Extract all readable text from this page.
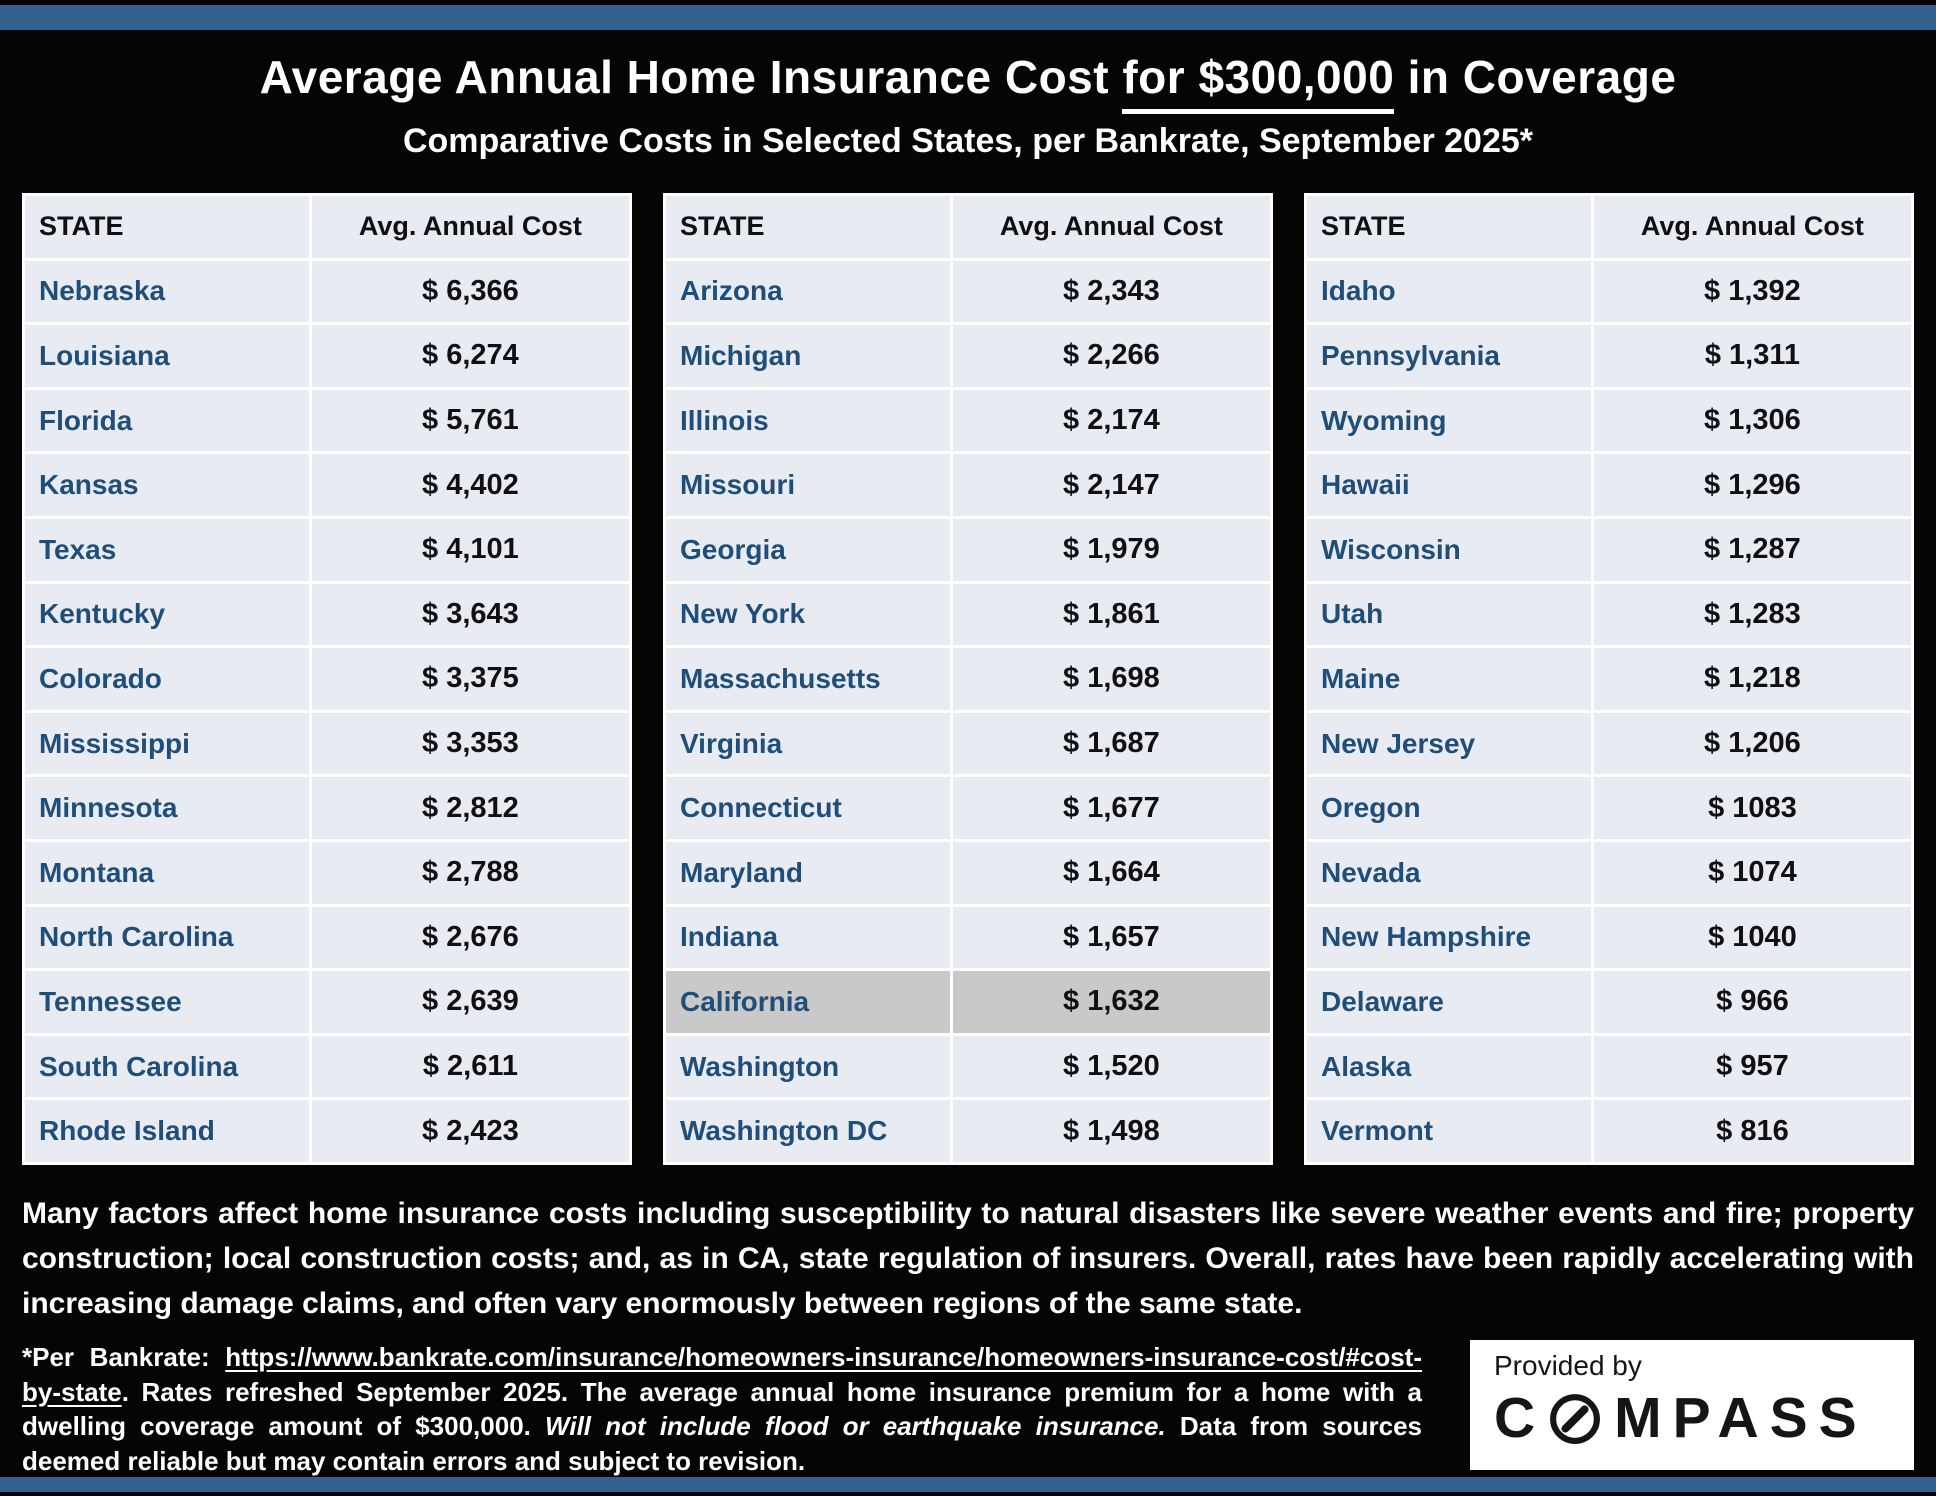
Average Annual Home Insurance Cost for $300,000 in Coverage
Comparative Costs in Selected States, per Bankrate, September 2025*
STATE	Avg. Annual Cost
Nebraska	$ 6,366
Louisiana	$ 6,274
Florida	$ 5,761
Kansas	$ 4,402
Texas	$ 4,101
Kentucky	$ 3,643
Colorado	$ 3,375
Mississippi	$ 3,353
Minnesota	$ 2,812
Montana	$ 2,788
North Carolina	$ 2,676
Tennessee	$ 2,639
South Carolina	$ 2,611
Rhode Island	$ 2,423
STATE	Avg. Annual Cost
Arizona	$ 2,343
Michigan	$ 2,266
Illinois	$ 2,174
Missouri	$ 2,147
Georgia	$ 1,979
New York	$ 1,861
Massachusetts	$ 1,698
Virginia	$ 1,687
Connecticut	$ 1,677
Maryland	$ 1,664
Indiana	$ 1,657
California	$ 1,632
Washington	$ 1,520
Washington DC	$ 1,498
STATE	Avg. Annual Cost
Idaho	$ 1,392
Pennsylvania	$ 1,311
Wyoming	$ 1,306
Hawaii	$ 1,296
Wisconsin	$ 1,287
Utah	$ 1,283
Maine	$ 1,218
New Jersey	$ 1,206
Oregon	$ 1083
Nevada	$ 1074
New Hampshire	$ 1040
Delaware	$ 966
Alaska	$ 957
Vermont	$ 816

Many factors affect home insurance costs including susceptibility to natural disasters like severe weather events and fire; property construction; local construction costs; and, as in CA, state regulation of insurers. Overall, rates have been rapidly accelerating with increasing damage claims, and often vary enormously between regions of the same state.

*Per Bankrate: https://www.bankrate.com/insurance/homeowners-insurance/homeowners-insurance-cost/#cost-by-state. Rates refreshed September 2025. The average annual home insurance premium for a home with a dwelling coverage amount of $300,000. Will not include flood or earthquake insurance. Data from sources deemed reliable but may contain errors and subject to revision.

Provided by
C MPASS
